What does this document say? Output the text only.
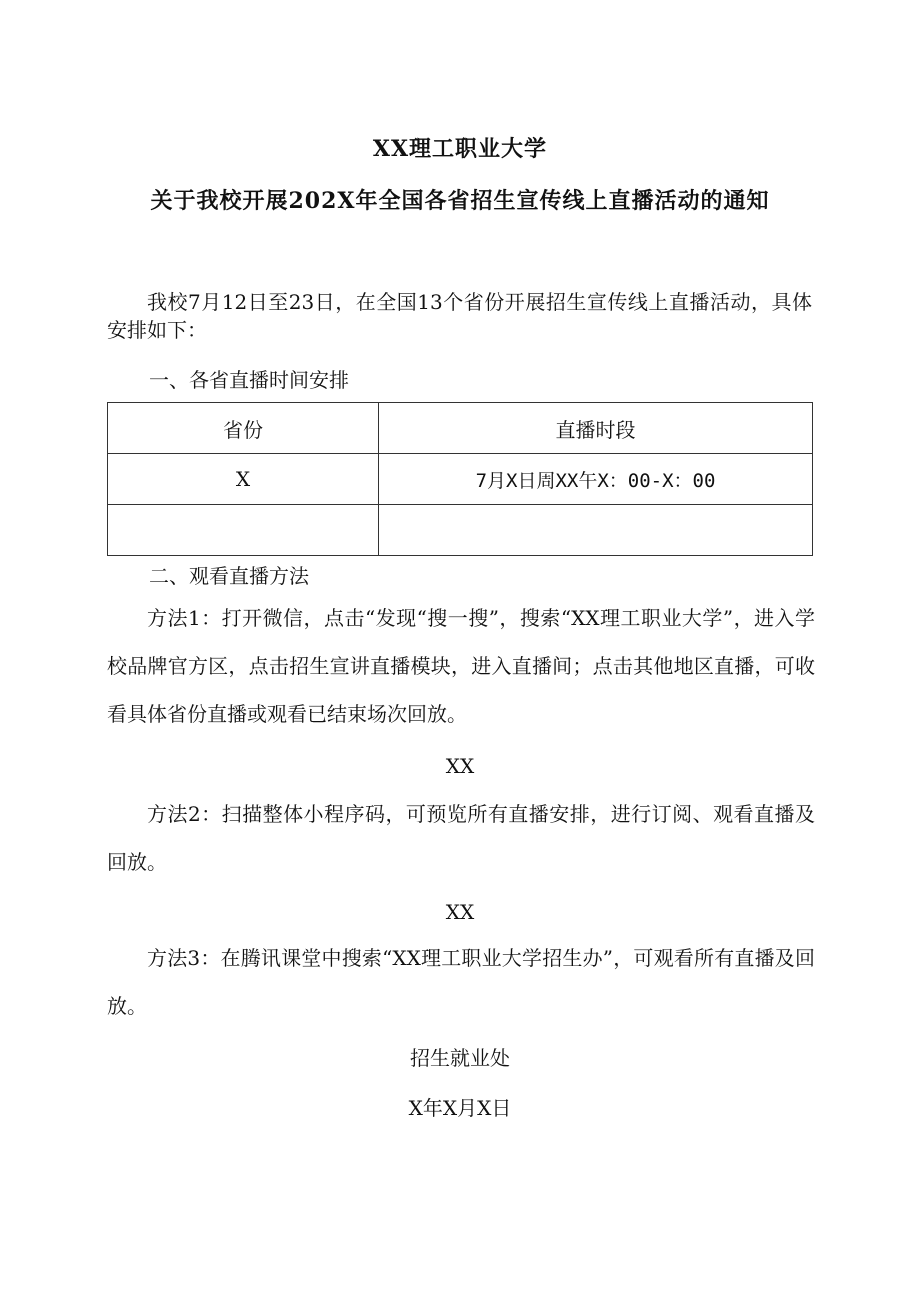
XX理工职业大学
关于我校开展202X年全国各省招生宣传线上直播活动的通知
我校7月12日至23日，在全国13个省份开展招生宣传线上直播活动，具体安排如下：
一、各省直播时间安排
省份	直播时段
X	7月X日周XX午X：00-X：00

二、观看直播方法
方法1：打开微信，点击“发现“搜一搜”，搜索“XX理工职业大学”，进入学校品牌官方区，点击招生宣讲直播模块，进入直播间；点击其他地区直播，可收看具体省份直播或观看已结束场次回放。
XX
方法2：扫描整体小程序码，可预览所有直播安排，进行订阅、观看直播及回放。
XX
方法3：在腾讯课堂中搜索“XX理工职业大学招生办”，可观看所有直播及回放。
招生就业处
X年X月X日
